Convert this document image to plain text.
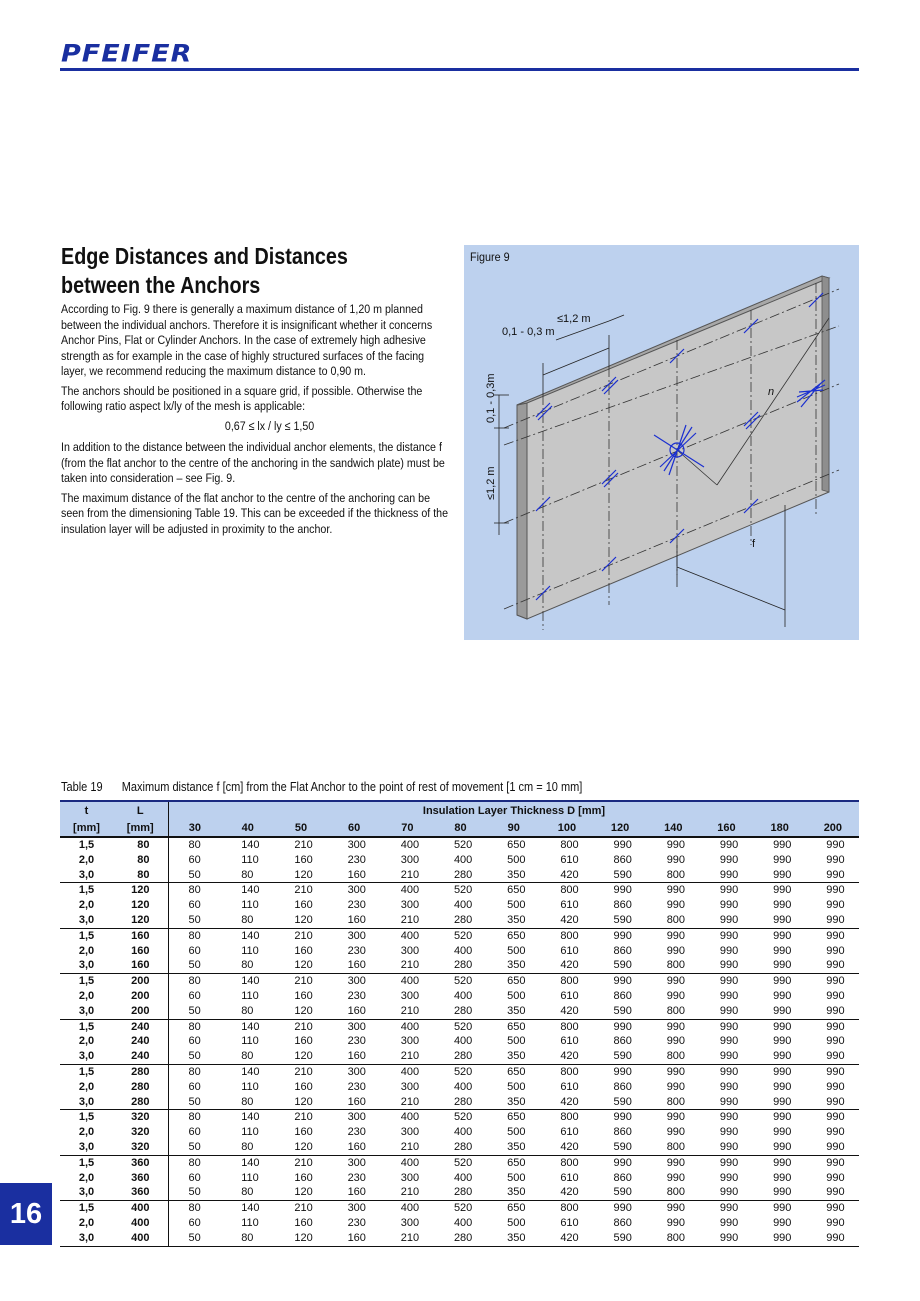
PFEIFER
Edge Distances and Distances
between the Anchors

According to Fig. 9 there is generally a maximum distance of 1,20 m planned between the individual anchors. Therefore it is insignificant whether it concerns Anchor Pins, Flat or Cylinder Anchors. In the case of extremely high adhesive strength as for example in the case of highly structured surfaces of the facing layer, we recommend reducing the maximum distance to 0,90 m.

The anchors should be positioned in a square grid, if possible. Otherwise the following ratio aspect lx/ly of the mesh is applicable:

0,67 ≤ lx / ly ≤ 1,50

In addition to the distance between the individual anchor elements, the distance f (from the flat anchor to the centre of the anchoring in the sandwich plate) must be taken into consideration – see Fig. 9.

The maximum distance of the flat anchor to the centre of the anchoring can be seen from the dimensioning Table 19. This can be exceeded if the thickness of the insulation layer will be adjusted in proximity to the anchor.

Figure 9
≤1,2 m
0,1 - 0,3 m
0,1 - 0,3m
≤1,2 m
n
f
Table 19 Maximum distance f [cm] from the Flat Anchor to the point of rest of movement [1 cm = 10 mm]
t	L	Insulation Layer Thickness D [mm]												
[mm]	[mm]	30	40	50	60	70	80	90	100	120	140	160	180	200
1,5	80	80	140	210	300	400	520	650	800	990	990	990	990	990
2,0	80	60	110	160	230	300	400	500	610	860	990	990	990	990
3,0	80	50	80	120	160	210	280	350	420	590	800	990	990	990
1,5	120	80	140	210	300	400	520	650	800	990	990	990	990	990
2,0	120	60	110	160	230	300	400	500	610	860	990	990	990	990
3,0	120	50	80	120	160	210	280	350	420	590	800	990	990	990
1,5	160	80	140	210	300	400	520	650	800	990	990	990	990	990
2,0	160	60	110	160	230	300	400	500	610	860	990	990	990	990
3,0	160	50	80	120	160	210	280	350	420	590	800	990	990	990
1,5	200	80	140	210	300	400	520	650	800	990	990	990	990	990
2,0	200	60	110	160	230	300	400	500	610	860	990	990	990	990
3,0	200	50	80	120	160	210	280	350	420	590	800	990	990	990
1,5	240	80	140	210	300	400	520	650	800	990	990	990	990	990
2,0	240	60	110	160	230	300	400	500	610	860	990	990	990	990
3,0	240	50	80	120	160	210	280	350	420	590	800	990	990	990
1,5	280	80	140	210	300	400	520	650	800	990	990	990	990	990
2,0	280	60	110	160	230	300	400	500	610	860	990	990	990	990
3,0	280	50	80	120	160	210	280	350	420	590	800	990	990	990
1,5	320	80	140	210	300	400	520	650	800	990	990	990	990	990
2,0	320	60	110	160	230	300	400	500	610	860	990	990	990	990
3,0	320	50	80	120	160	210	280	350	420	590	800	990	990	990
1,5	360	80	140	210	300	400	520	650	800	990	990	990	990	990
2,0	360	60	110	160	230	300	400	500	610	860	990	990	990	990
3,0	360	50	80	120	160	210	280	350	420	590	800	990	990	990
1,5	400	80	140	210	300	400	520	650	800	990	990	990	990	990
2,0	400	60	110	160	230	300	400	500	610	860	990	990	990	990
3,0	400	50	80	120	160	210	280	350	420	590	800	990	990	990
16
